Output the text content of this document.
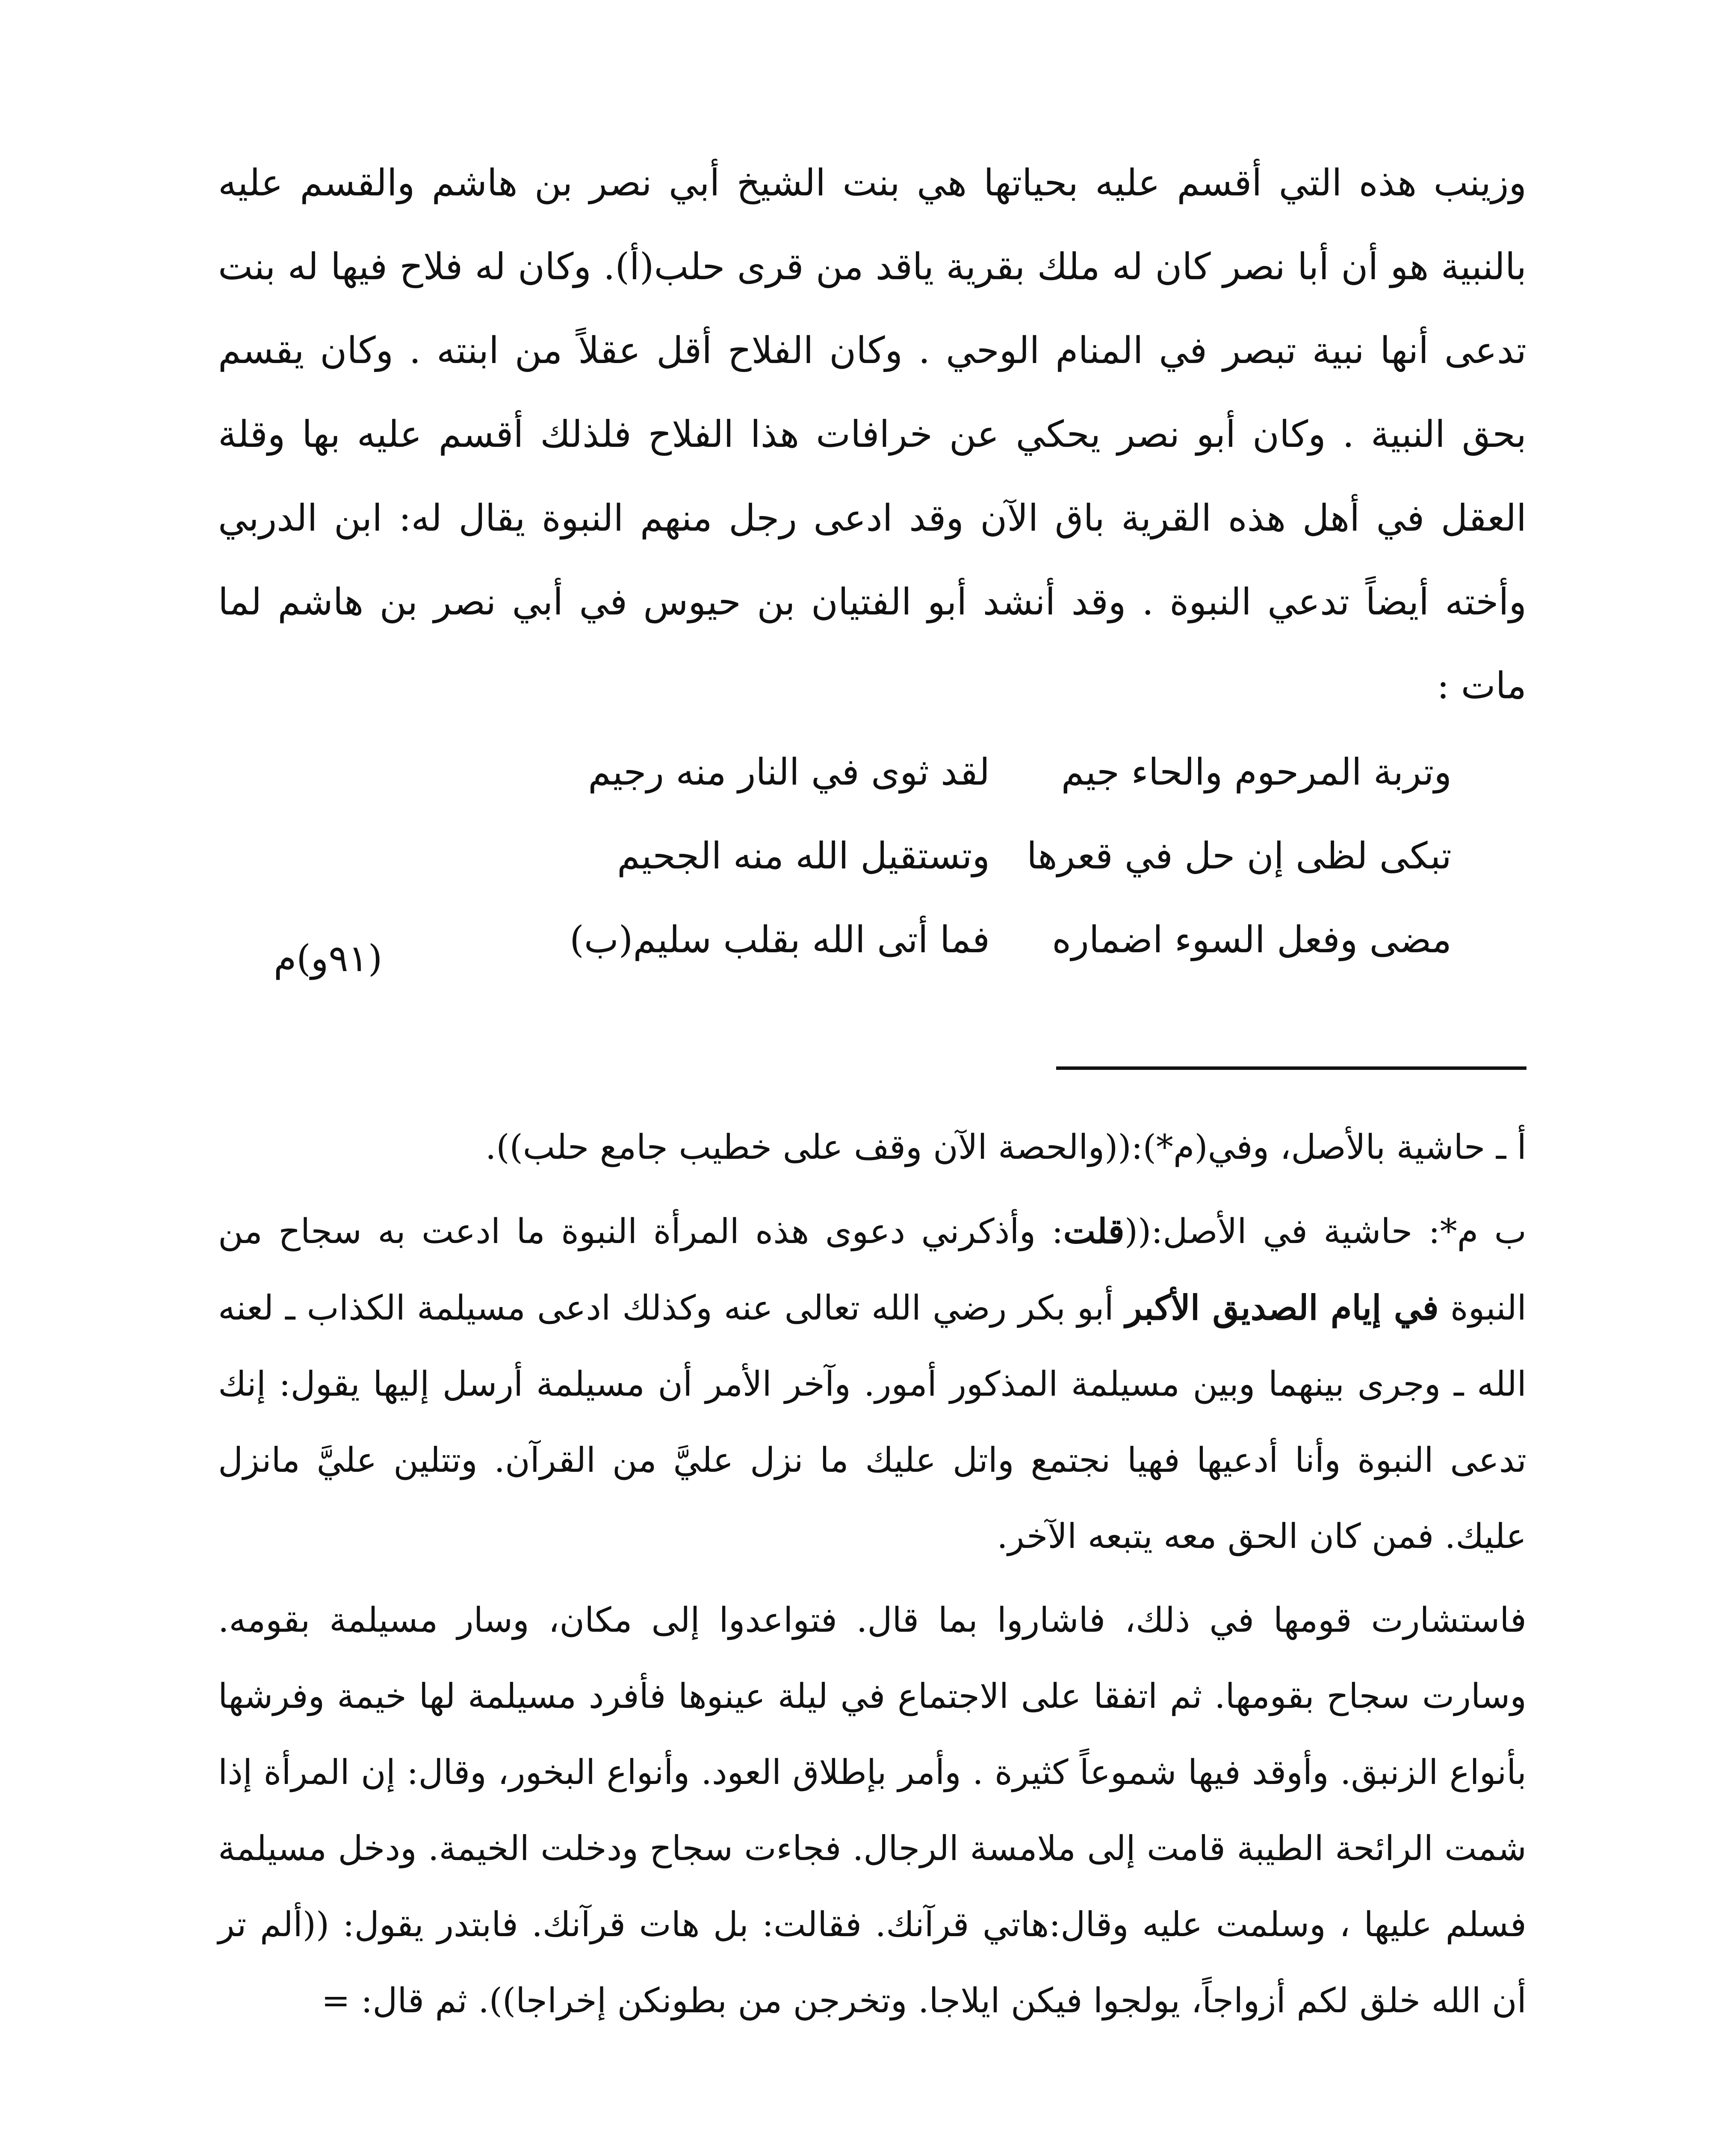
وزينب هذه التي أقسم عليه بحياتها هي بنت الشيخ أبي نصر بن هاشم والقسم عليه بالنبية هو أن أبا نصر كان له ملك بقرية ياقد من قرى حلب(أ). وكان له فلاح فيها له بنت تدعى أنها نبية تبصر في المنام الوحي . وكان الفلاح أقل عقلاً من ابنته . وكان يقسم بحق النبية . وكان أبو نصر يحكي عن خرافات هذا الفلاح فلذلك أقسم عليه بها وقلة العقل في أهل هذه القرية باق الآن وقد ادعى رجل منهم النبوة يقال له: ابن الدربي وأخته أيضاً تدعي النبوة . وقد أنشد أبو الفتيان بن حيوس في أبي نصر بن هاشم لما مات :

وتربة المرحوم والحاء جيم
لقد ثوى في النار منه رجيم
تبكى لظى إن حل في قعرها
وتستقيل الله منه الجحيم
مضى وفعل السوء اضماره
فما أتى الله بقلب سليم(ب)
(٩١و)م

أ ـ حاشية بالأصل، وفي(م*):((والحصة الآن وقف على خطيب جامع حلب)).

ب م*: حاشية في الأصل:((قلت: وأذكرني دعوى هذه المرأة النبوة ما ادعت به سجاح من النبوة في إيام الصديق الأكبر أبو بكر رضي الله تعالى عنه وكذلك ادعى مسيلمة الكذاب ـ لعنه الله ـ وجرى بينهما وبين مسيلمة المذكور أمور. وآخر الأمر أن مسيلمة أرسل إليها يقول: إنك تدعى النبوة وأنا أدعيها فهيا نجتمع واتل عليك ما نزل عليَّ من القرآن. وتتلين عليَّ مانزل عليك. فمن كان الحق معه يتبعه الآخر.

فاستشارت قومها في ذلك، فاشاروا بما قال. فتواعدوا إلى مكان، وسار مسيلمة بقومه. وسارت سجاح بقومها. ثم اتفقا على الاجتماع في ليلة عينوها فأفرد مسيلمة لها خيمة وفرشها بأنواع الزنبق. وأوقد فيها شموعاً كثيرة . وأمر بإطلاق العود. وأنواع البخور، وقال: إن المرأة إذا شمت الرائحة الطيبة قامت إلى ملامسة الرجال. فجاءت سجاح ودخلت الخيمة. ودخل مسيلمة فسلم عليها ، وسلمت عليه وقال:هاتي قرآنك. فقالت: بل هات قرآنك. فابتدر يقول: ((ألم تر أن الله خلق لكم أزواجاً، يولجوا فيكن ايلاجا. وتخرجن من بطونكن إخراجا)). ثم قال: =
